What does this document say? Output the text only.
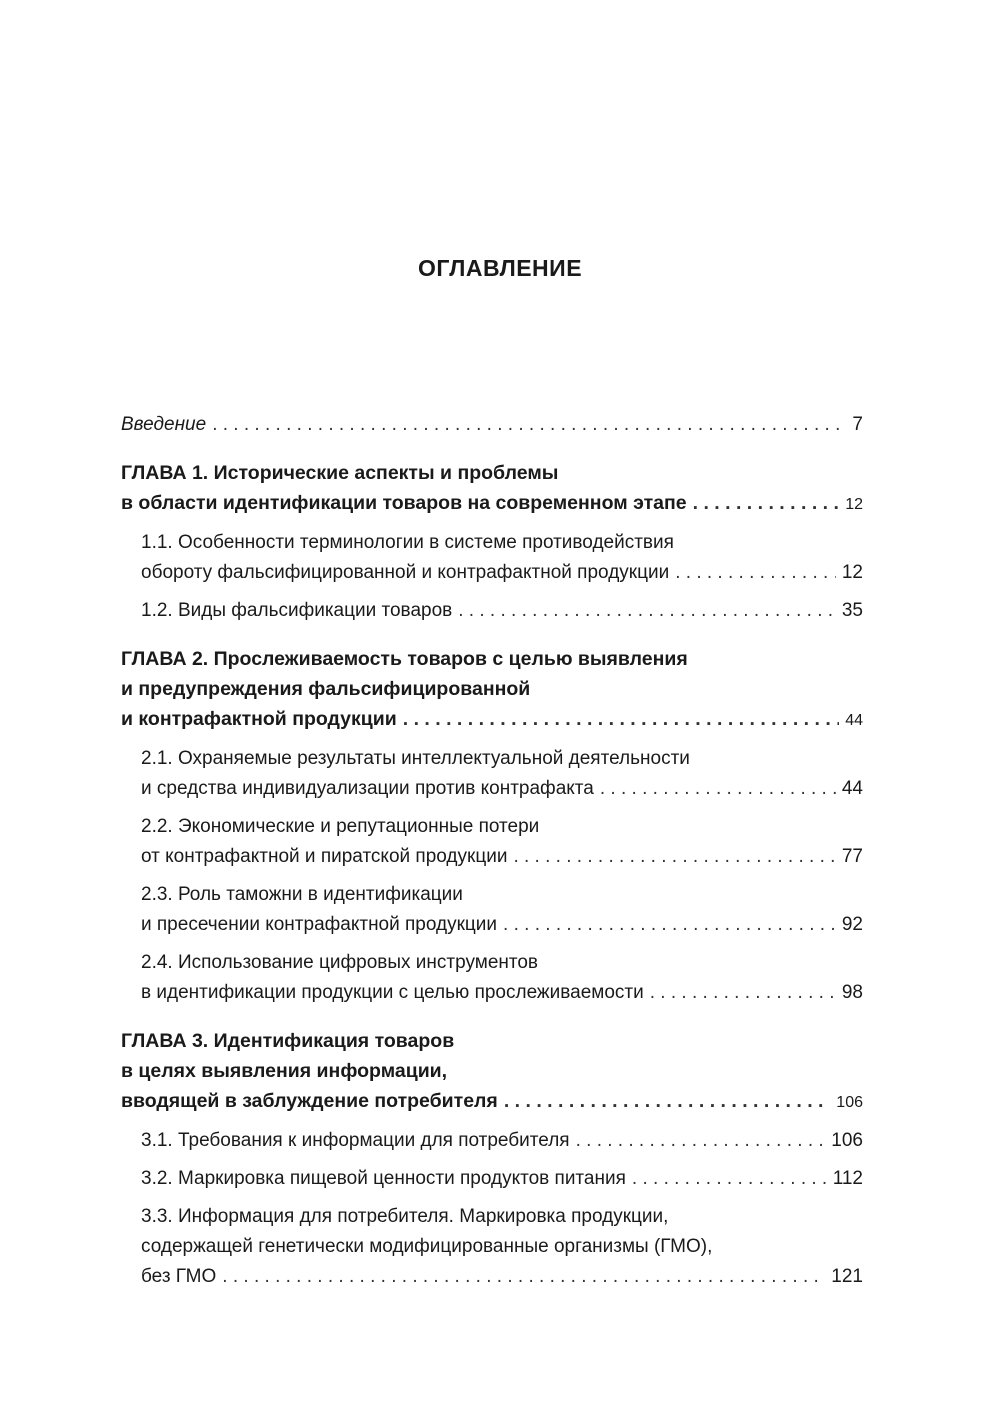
ОГЛАВЛЕНИЕ
Введение . . .	7
ГЛАВА 1. Исторические аспекты и проблемы
в области идентификации товаров на современном этапе . . .	12
1.1. Особенности терминологии в системе противодействия
обороту фальсифицированной и контрафактной продукции . . .	12
1.2. Виды фальсификации товаров . . .	35
ГЛАВА 2. Прослеживаемость товаров с целью выявления
и предупреждения фальсифицированной
и контрафактной продукции . . .	44
2.1. Охраняемые результаты интеллектуальной деятельности
и средства индивидуализации против контрафакта . . .	44
2.2. Экономические и репутационные потери
от контрафактной и пиратской продукции . . .	77
2.3. Роль таможни в идентификации
и пресечении контрафактной продукции . . .	92
2.4. Использование цифровых инструментов
в идентификации продукции с целью прослеживаемости . . .	98
ГЛАВА 3. Идентификация товаров
в целях выявления информации,
вводящей в заблуждение потребителя . . .	106
3.1. Требования к информации для потребителя . . .	106
3.2. Маркировка пищевой ценности продуктов питания . . .	112
3.3. Информация для потребителя. Маркировка продукции,
содержащей генетически модифицированные организмы (ГМО),
без ГМО . . .	121
